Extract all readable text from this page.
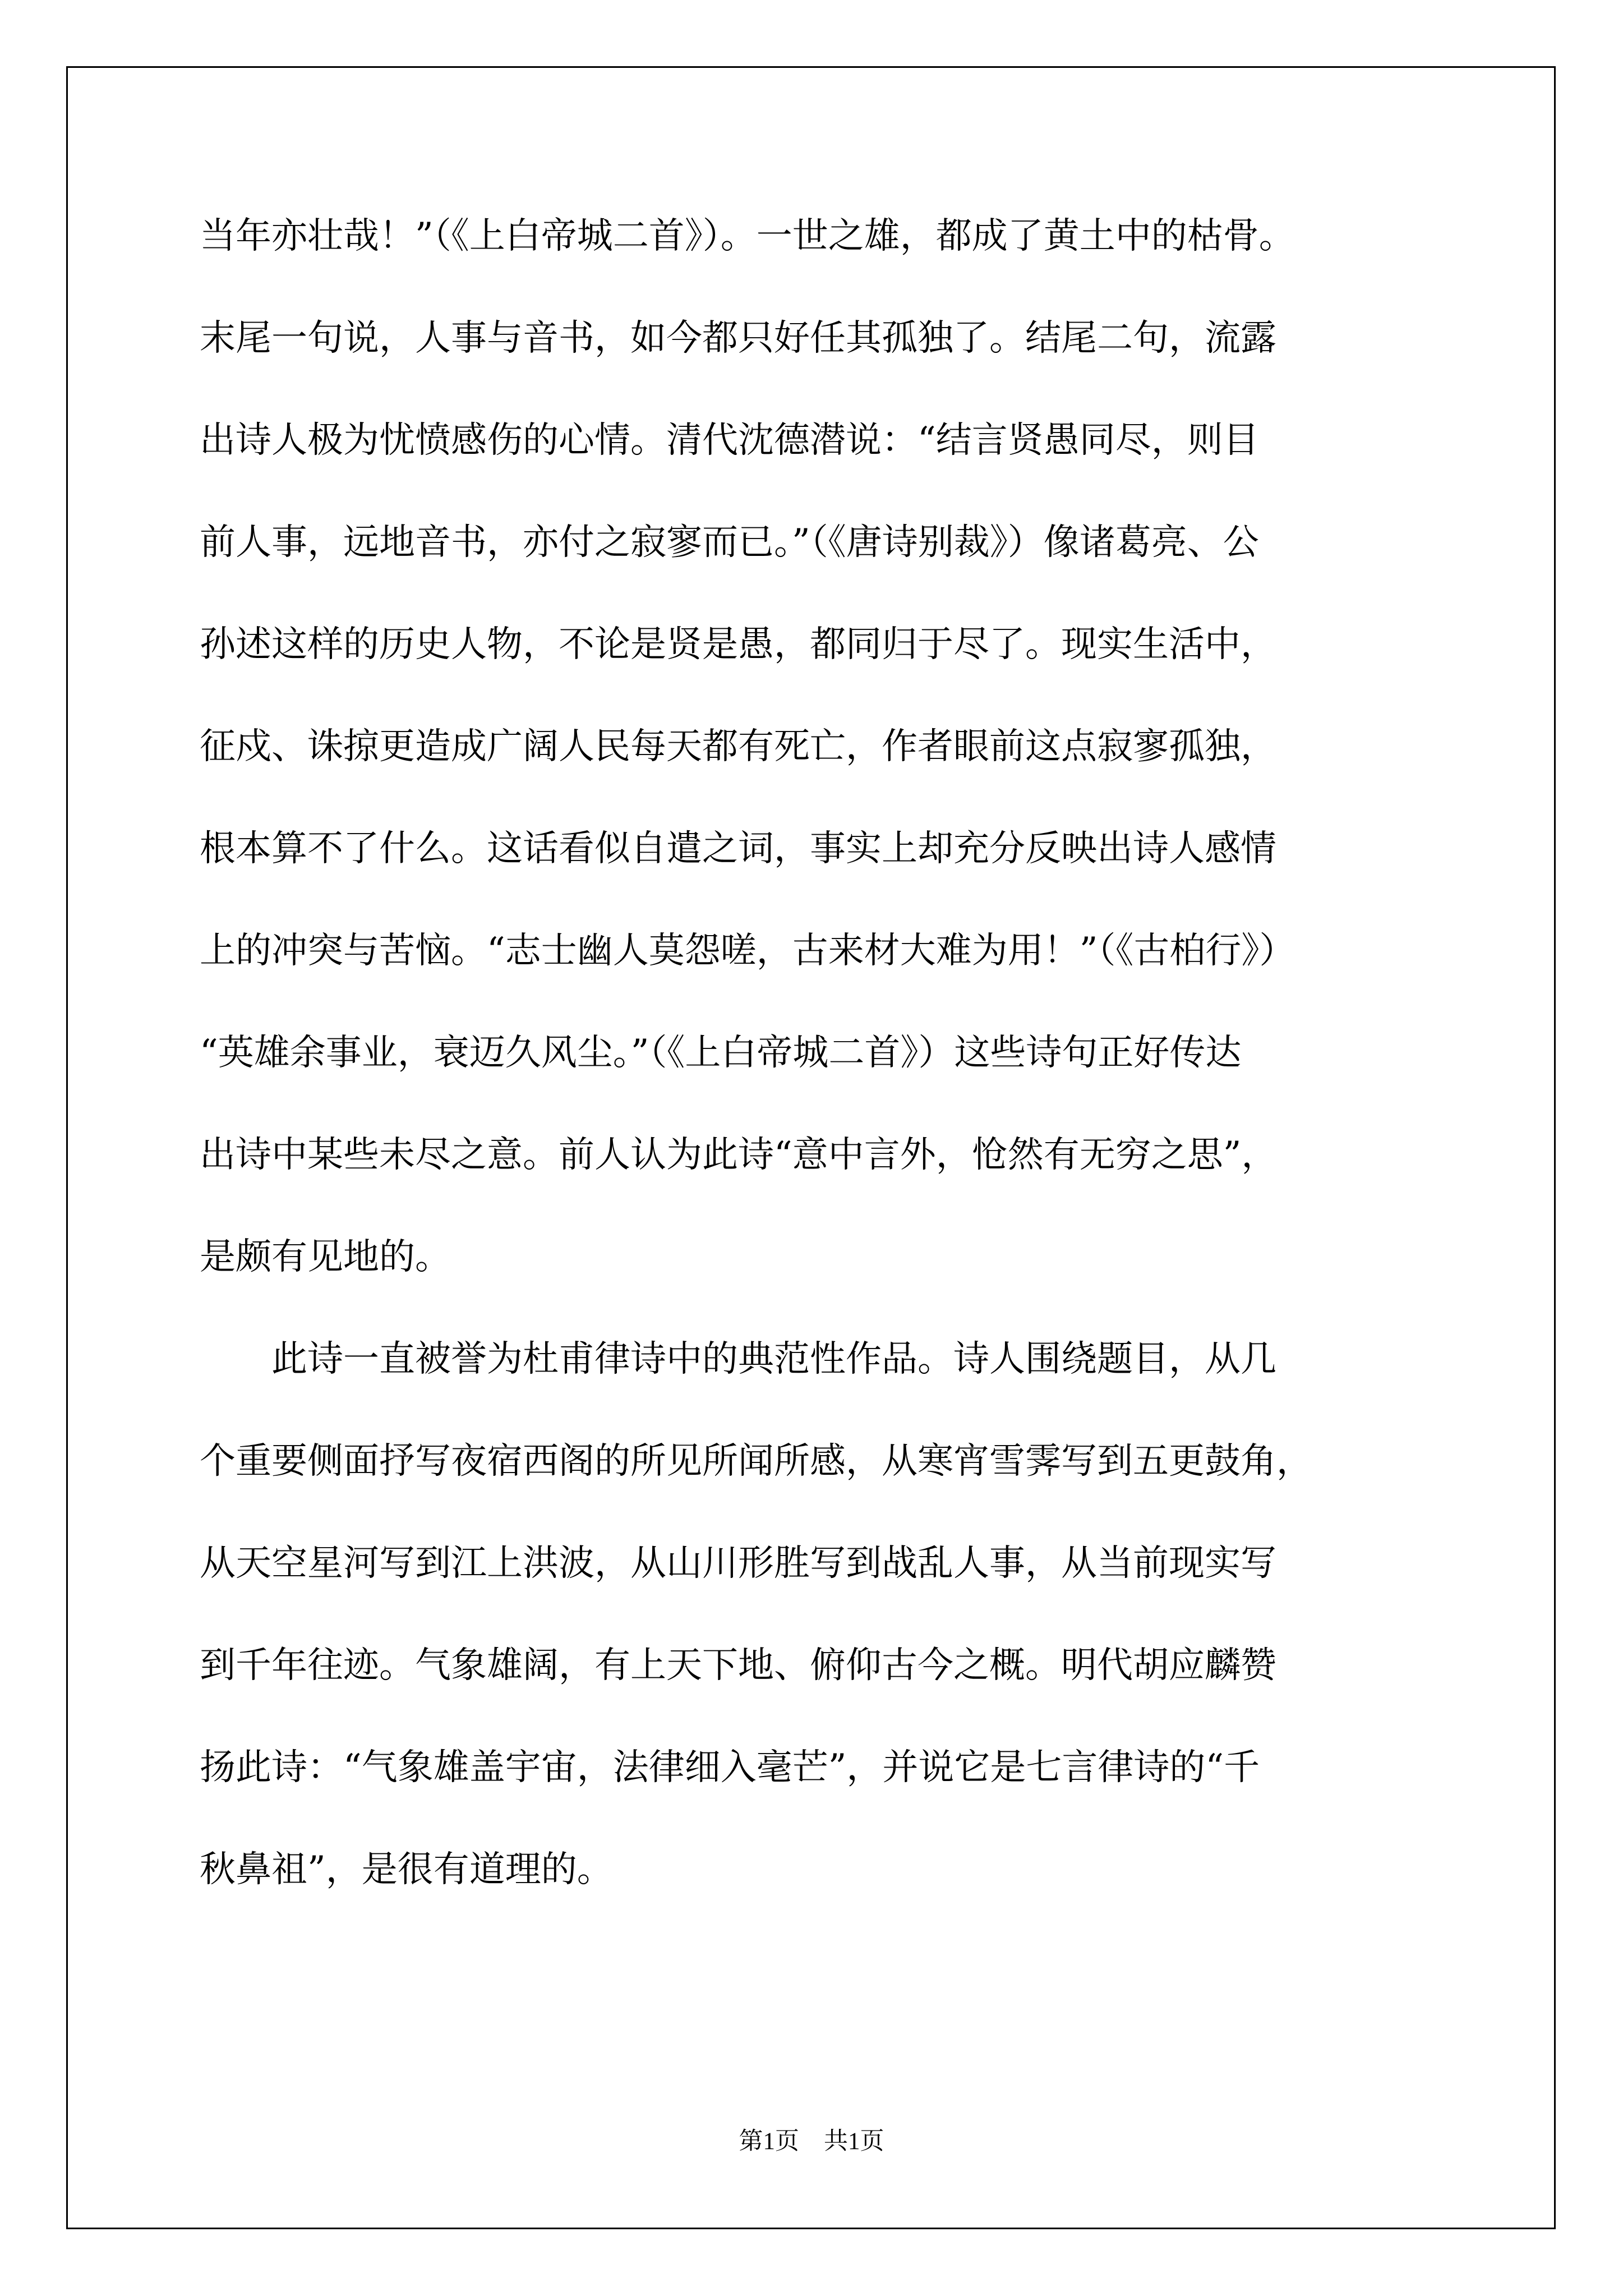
当年亦壮哉！”（《上白帝城二首》）。一世之雄，都成了黄土中的枯骨。
末尾一句说，人事与音书，如今都只好任其孤独了。结尾二句，流露
出诗人极为忧愤感伤的心情。清代沈德潜说：“结言贤愚同尽，则目
前人事，远地音书，亦付之寂寥而已。”（《唐诗别裁》）像诸葛亮、公
孙述这样的历史人物，不论是贤是愚，都同归于尽了。现实生活中，
征戍、诛掠更造成广阔人民每天都有死亡，作者眼前这点寂寥孤独，
根本算不了什么。这话看似自遣之词，事实上却充分反映出诗人感情
上的冲突与苦恼。“志士幽人莫怨嗟，古来材大难为用！”（《古柏行》）
“英雄余事业，衰迈久风尘。”（《上白帝城二首》）这些诗句正好传达
出诗中某些未尽之意。前人认为此诗“意中言外，怆然有无穷之思”，
是颇有见地的。
此诗一直被誉为杜甫律诗中的典范性作品。诗人围绕题目，从几
个重要侧面抒写夜宿西阁的所见所闻所感，从寒宵雪霁写到五更鼓角，
从天空星河写到江上洪波，从山川形胜写到战乱人事，从当前现实写
到千年往迹。气象雄阔，有上天下地、俯仰古今之概。明代胡应麟赞
扬此诗：“气象雄盖宇宙，法律细入毫芒”，并说它是七言律诗的“千
秋鼻祖”，是很有道理的。
第1页 共1页
